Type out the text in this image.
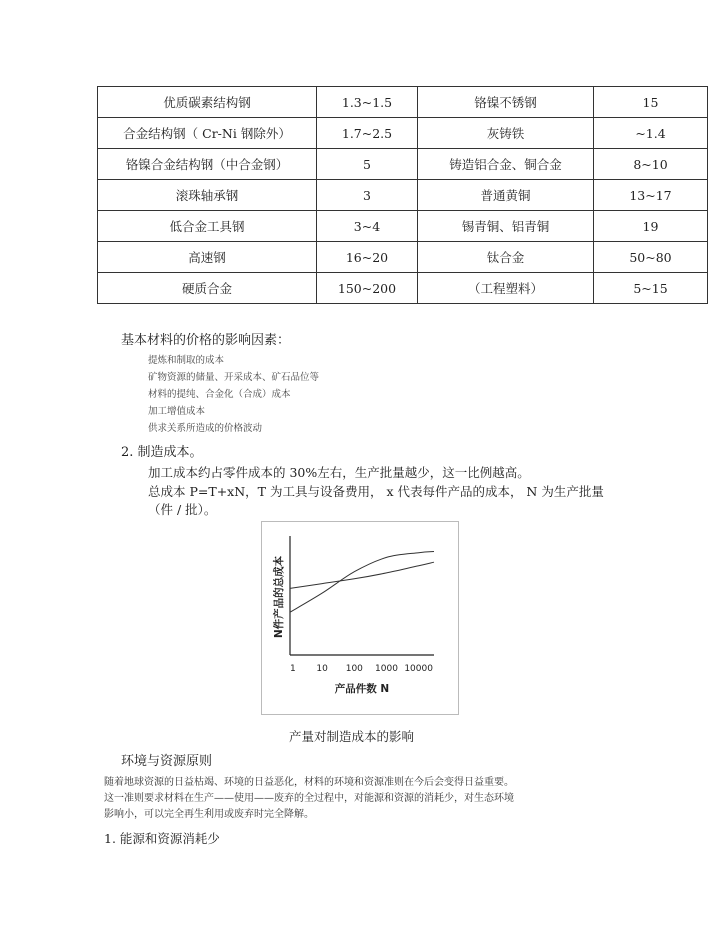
优质碳素结构钢	1.3~1.5	铬镍不锈钢	15
合金结构钢（ Cr-Ni 钢除外）	1.7~2.5	灰铸铁	~1.4
铬镍合金结构钢（中合金钢）	5	铸造铝合金、铜合金	8~10
滚珠轴承钢	3	普通黄铜	13~17
低合金工具钢	3~4	锡青铜、铝青铜	19
高速钢	16~20	钛合金	50~80
硬质合金	150~200	（工程塑料）	5~15
基本材料的价格的影响因素：
提炼和制取的成本
矿物资源的储量、开采成本、矿石品位等
材料的提纯、合金化（合成）成本
加工增值成本
供求关系所造成的价格波动
2. 制造成本。
加工成本约占零件成本的 30%左右，生产批量越少，这一比例越高。
总成本 P=T+xN，T 为工具与设备费用， x 代表每件产品的成本， N 为生产批量
（件 / 批）。
N件产品的总成本
产品件数 N
1 10 100 1000 10000
产量对制造成本的影响
环境与资源原则
随着地球资源的日益枯竭、环境的日益恶化，材料的环境和资源准则在今后会变得日益重要。
这一准则要求材料在生产——使用——废弃的全过程中，对能源和资源的消耗少，对生态环境
影响小，可以完全再生利用或废弃时完全降解。
1. 能源和资源消耗少
